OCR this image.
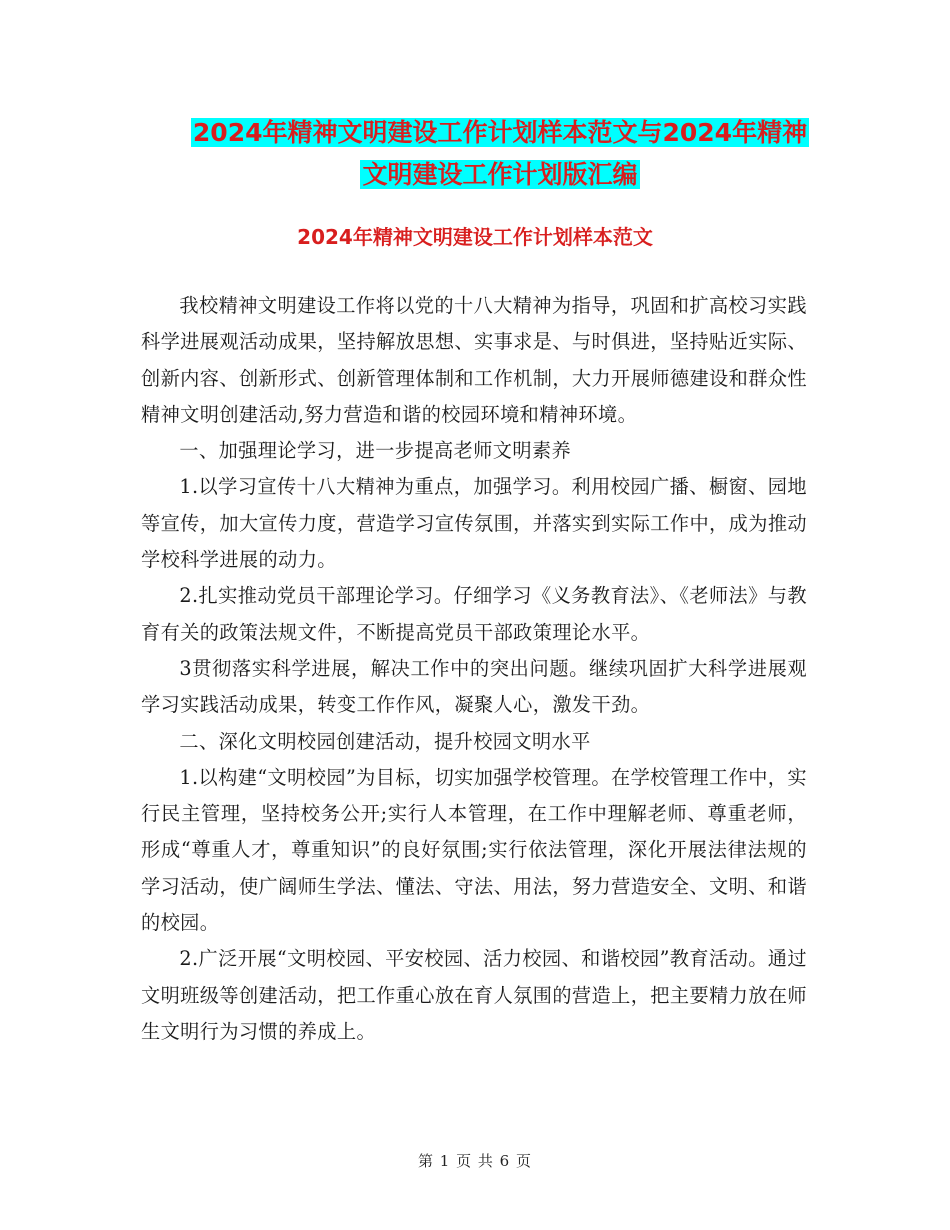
2024年精神文明建设工作计划样本范文与2024年精神
文明建设工作计划版汇编
2024年精神文明建设工作计划样本范文

我校精神文明建设工作将以党的十八大精神为指导，巩固和扩高校习实践科学进展观活动成果，坚持解放思想、实事求是、与时俱进，坚持贴近实际、创新内容、创新形式、创新管理体制和工作机制，大力开展师德建设和群众性精神文明创建活动,努力营造和谐的校园环境和精神环境。

一、加强理论学习，进一步提高老师文明素养

1.以学习宣传十八大精神为重点，加强学习。利用校园广播、橱窗、园地等宣传，加大宣传力度，营造学习宣传氛围，并落实到实际工作中，成为推动学校科学进展的动力。

2.扎实推动党员干部理论学习。仔细学习《义务教育法》、《老师法》与教育有关的政策法规文件，不断提高党员干部政策理论水平。

3贯彻落实科学进展，解决工作中的突出问题。继续巩固扩大科学进展观学习实践活动成果，转变工作作风，凝聚人心，激发干劲。

二、深化文明校园创建活动，提升校园文明水平

1.以构建“文明校园”为目标，切实加强学校管理。在学校管理工作中，实行民主管理，坚持校务公开;实行人本管理，在工作中理解老师、尊重老师，形成“尊重人才，尊重知识”的良好氛围;实行依法管理，深化开展法律法规的学习活动，使广阔师生学法、懂法、守法、用法，努力营造安全、文明、和谐的校园。

2.广泛开展“文明校园、平安校园、活力校园、和谐校园”教育活动。通过文明班级等创建活动，把工作重心放在育人氛围的营造上，把主要精力放在师生文明行为习惯的养成上。

第 1 页 共 6 页
